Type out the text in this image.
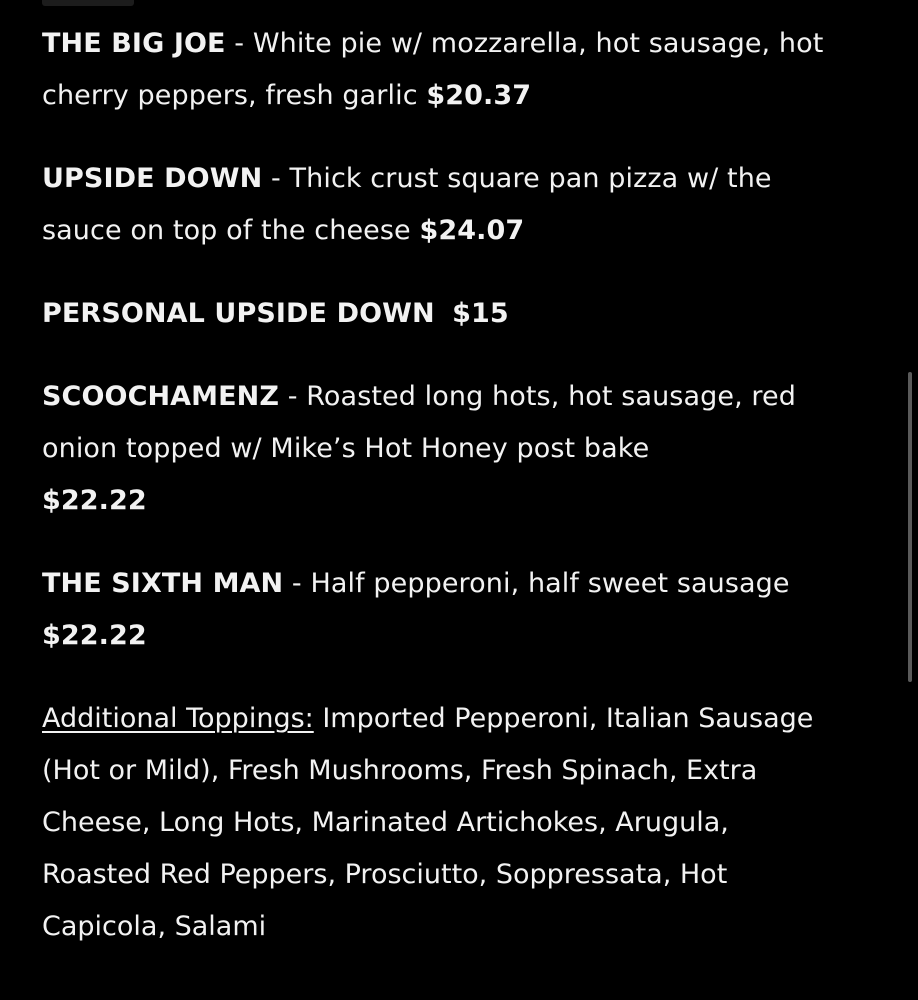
THE BIG JOE - White pie w/ mozzarella, hot sausage, hot cherry peppers, fresh garlic $20.37

UPSIDE DOWN - Thick crust square pan pizza w/ the sauce on top of the cheese $24.07

PERSONAL UPSIDE DOWN $15

SCOOCHAMENZ - Roasted long hots, hot sausage, red onion topped w/ Mike’s Hot Honey post bake
$22.22

THE SIXTH MAN - Half pepperoni, half sweet sausage $22.22

Additional Toppings: Imported Pepperoni, Italian Sausage (Hot or Mild), Fresh Mushrooms, Fresh Spinach, Extra Cheese, Long Hots, Marinated Artichokes, Arugula, Roasted Red Peppers, Prosciutto, Soppressata, Hot Capicola, Salami
